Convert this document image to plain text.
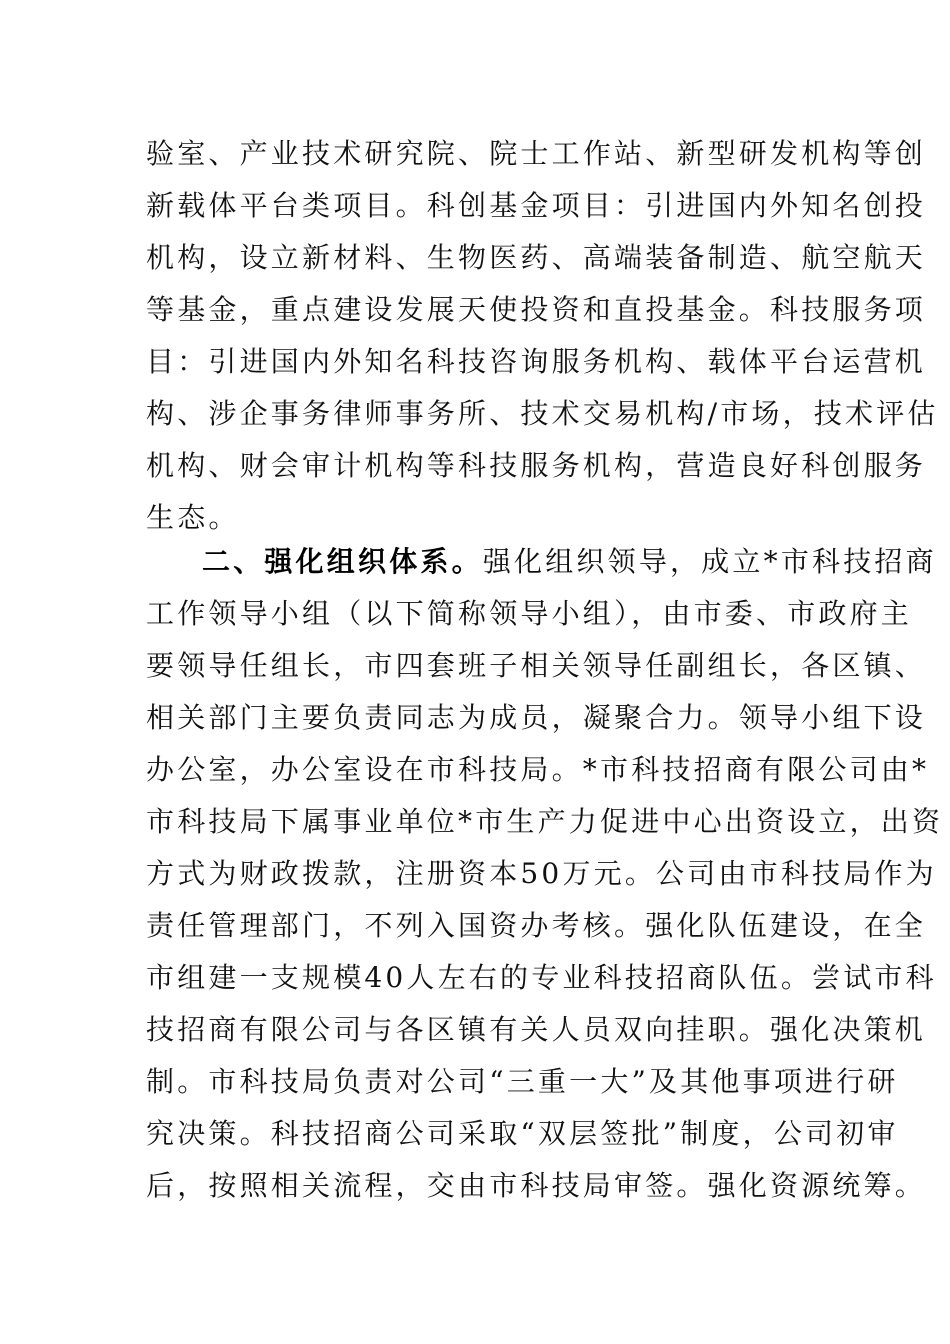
验室、产业技术研究院、院士工作站、新型研发机构等创
新载体平台类项目。科创基金项目：引进国内外知名创投
机构，设立新材料、生物医药、高端装备制造、航空航天
等基金，重点建设发展天使投资和直投基金。科技服务项
目：引进国内外知名科技咨询服务机构、载体平台运营机
构、涉企事务律师事务所、技术交易机构/市场，技术评估
机构、财会审计机构等科技服务机构，营造良好科创服务
生态。
二、强化组织体系。强化组织领导，成立*市科技招商
工作领导小组（以下简称领导小组），由市委、市政府主
要领导任组长，市四套班子相关领导任副组长，各区镇、
相关部门主要负责同志为成员，凝聚合力。领导小组下设
办公室，办公室设在市科技局。*市科技招商有限公司由*
市科技局下属事业单位*市生产力促进中心出资设立，出资
方式为财政拨款，注册资本50万元。公司由市科技局作为
责任管理部门，不列入国资办考核。强化队伍建设，在全
市组建一支规模40人左右的专业科技招商队伍。尝试市科
技招商有限公司与各区镇有关人员双向挂职。强化决策机
制。市科技局负责对公司“三重一大”及其他事项进行研
究决策。科技招商公司采取“双层签批”制度，公司初审
后，按照相关流程，交由市科技局审签。强化资源统筹。
